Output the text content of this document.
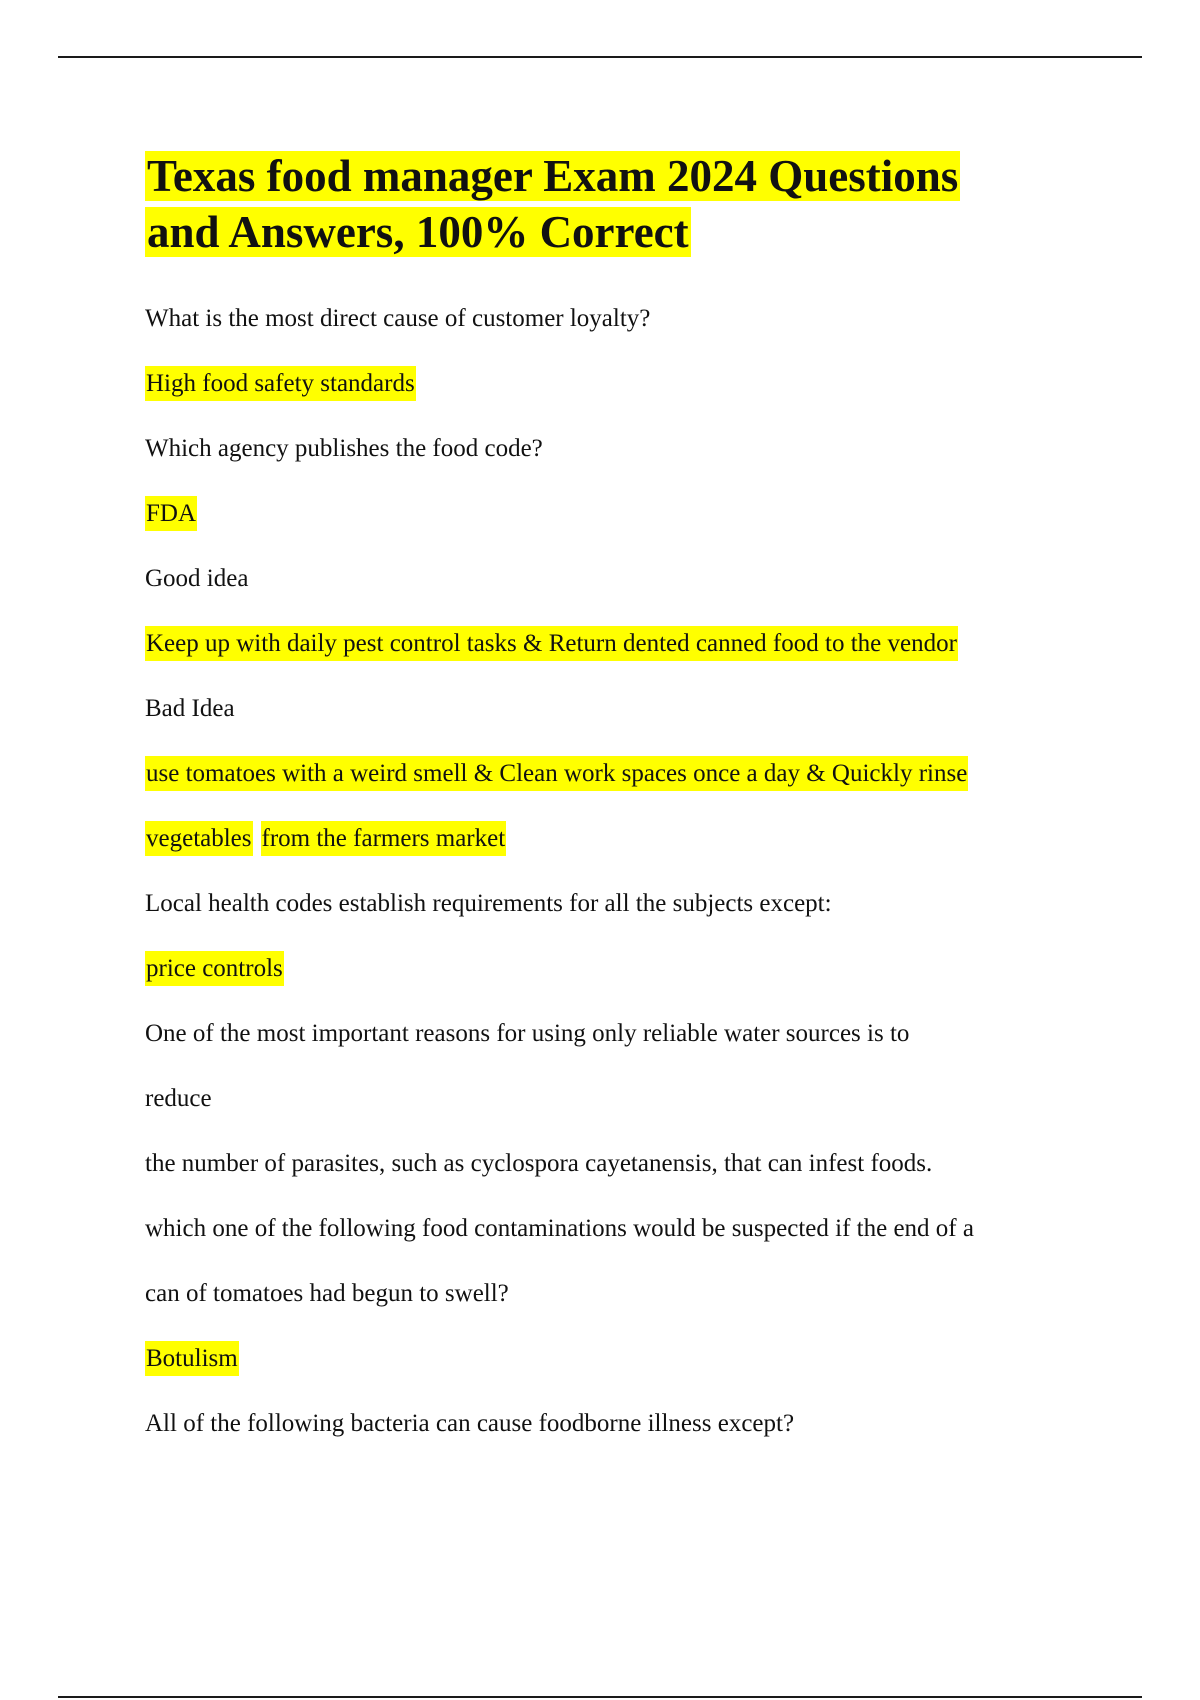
Texas food manager Exam 2024 Questions
and Answers, 100% Correct
What is the most direct cause of customer loyalty?
High food safety standards
Which agency publishes the food code?
FDA
Good idea
Keep up with daily pest control tasks & Return dented canned food to the vendor
Bad Idea
use tomatoes with a weird smell & Clean work spaces once a day & Quickly rinse
vegetables from the farmers market
Local health codes establish requirements for all the subjects except:
price controls
One of the most important reasons for using only reliable water sources is to
reduce
the number of parasites, such as cyclospora cayetanensis, that can infest foods.
which one of the following food contaminations would be suspected if the end of a
can of tomatoes had begun to swell?
Botulism
All of the following bacteria can cause foodborne illness except?
